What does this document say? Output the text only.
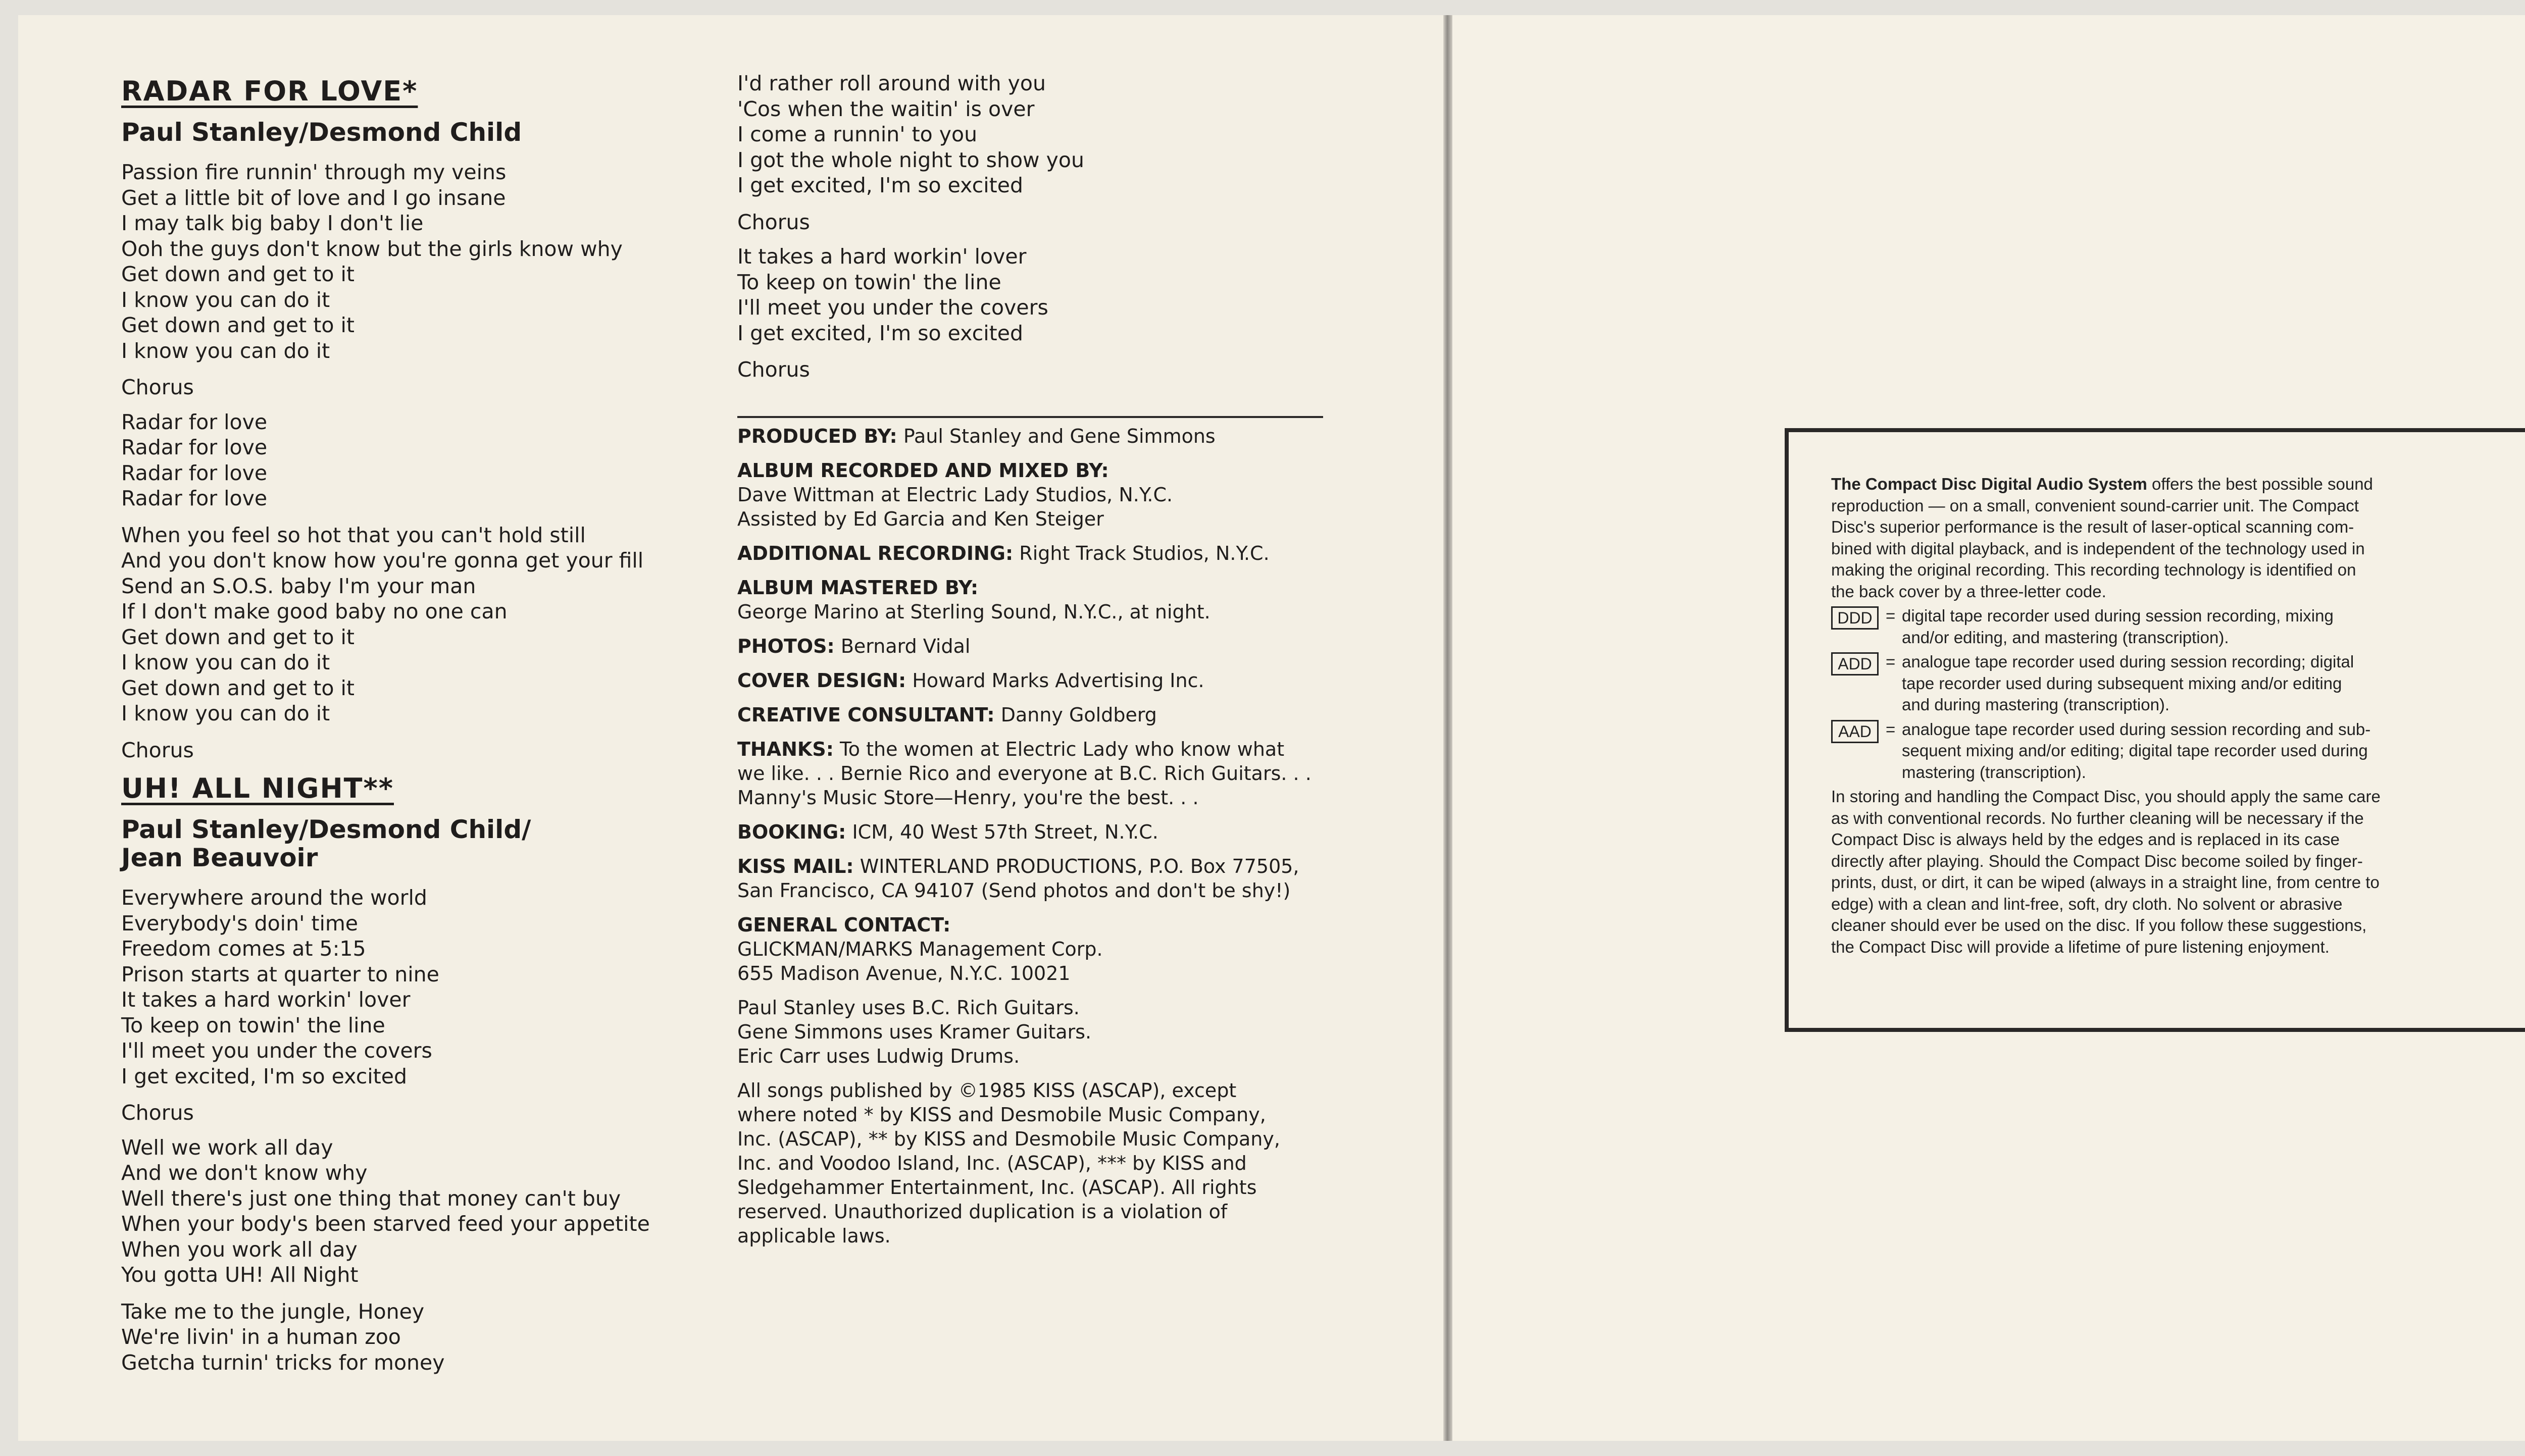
RADAR FOR LOVE*
Paul Stanley/Desmond Child
Passion fire runnin' through my veins
Get a little bit of love and I go insane
I may talk big baby I don't lie
Ooh the guys don't know but the girls know why
Get down and get to it
I know you can do it
Get down and get to it
I know you can do it
Chorus
Radar for love
Radar for love
Radar for love
Radar for love
When you feel so hot that you can't hold still
And you don't know how you're gonna get your fill
Send an S.O.S. baby I'm your man
If I don't make good baby no one can
Get down and get to it
I know you can do it
Get down and get to it
I know you can do it
Chorus
UH! ALL NIGHT**
Paul Stanley/Desmond Child/
Jean Beauvoir
Everywhere around the world
Everybody's doin' time
Freedom comes at 5:15
Prison starts at quarter to nine
It takes a hard workin' lover
To keep on towin' the line
I'll meet you under the covers
I get excited, I'm so excited
Chorus
Well we work all day
And we don't know why
Well there's just one thing that money can't buy
When your body's been starved feed your appetite
When you work all day
You gotta UH! All Night
Take me to the jungle, Honey
We're livin' in a human zoo
Getcha turnin' tricks for money
I'd rather roll around with you
'Cos when the waitin' is over
I come a runnin' to you
I got the whole night to show you
I get excited, I'm so excited
Chorus
It takes a hard workin' lover
To keep on towin' the line
I'll meet you under the covers
I get excited, I'm so excited
Chorus
PRODUCED BY: Paul Stanley and Gene Simmons
ALBUM RECORDED AND MIXED BY:
Dave Wittman at Electric Lady Studios, N.Y.C.
Assisted by Ed Garcia and Ken Steiger
ADDITIONAL RECORDING: Right Track Studios, N.Y.C.
ALBUM MASTERED BY:
George Marino at Sterling Sound, N.Y.C., at night.
PHOTOS: Bernard Vidal
COVER DESIGN: Howard Marks Advertising Inc.
CREATIVE CONSULTANT: Danny Goldberg
THANKS: To the women at Electric Lady who know what
we like. . . Bernie Rico and everyone at B.C. Rich Guitars. . .
Manny's Music Store—Henry, you're the best. . .
BOOKING: ICM, 40 West 57th Street, N.Y.C.
KISS MAIL: WINTERLAND PRODUCTIONS, P.O. Box 77505,
San Francisco, CA 94107 (Send photos and don't be shy!)
GENERAL CONTACT:
GLICKMAN/MARKS Management Corp.
655 Madison Avenue, N.Y.C. 10021
Paul Stanley uses B.C. Rich Guitars.
Gene Simmons uses Kramer Guitars.
Eric Carr uses Ludwig Drums.
All songs published by ©1985 KISS (ASCAP), except
where noted * by KISS and Desmobile Music Company,
Inc. (ASCAP), ** by KISS and Desmobile Music Company,
Inc. and Voodoo Island, Inc. (ASCAP), *** by KISS and
Sledgehammer Entertainment, Inc. (ASCAP). All rights
reserved. Unauthorized duplication is a violation of
applicable laws.
The Compact Disc Digital Audio System offers the best possible sound
reproduction — on a small, convenient sound-carrier unit. The Compact
Disc's superior performance is the result of laser-optical scanning com-
bined with digital playback, and is independent of the technology used in
making the original recording. This recording technology is identified on
the back cover by a three-letter code.
DDD = digital tape recorder used during session recording, mixing
and/or editing, and mastering (transcription).
ADD = analogue tape recorder used during session recording; digital
tape recorder used during subsequent mixing and/or editing
and during mastering (transcription).
AAD = analogue tape recorder used during session recording and sub-
sequent mixing and/or editing; digital tape recorder used during
mastering (transcription).
In storing and handling the Compact Disc, you should apply the same care
as with conventional records. No further cleaning will be necessary if the
Compact Disc is always held by the edges and is replaced in its case
directly after playing. Should the Compact Disc become soiled by finger-
prints, dust, or dirt, it can be wiped (always in a straight line, from centre to
edge) with a clean and lint-free, soft, dry cloth. No solvent or abrasive
cleaner should ever be used on the disc. If you follow these suggestions,
the Compact Disc will provide a lifetime of pure listening enjoyment.
